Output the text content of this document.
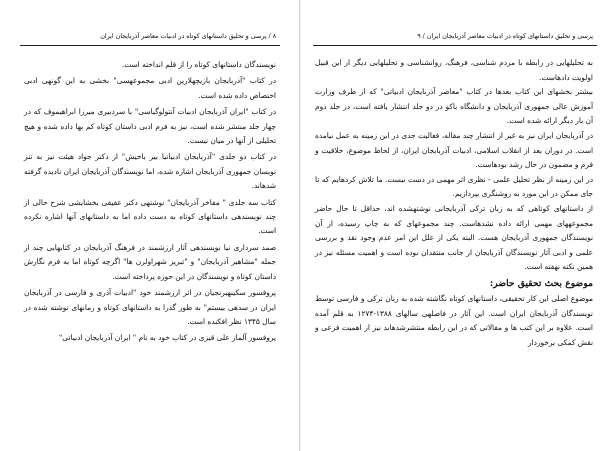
۸ / پرسی و تحلیق داستانهای کوتاه در ادبیات معاصر آذربایجان ایران

نویسندگان داستانهای کوتاه را از قلم انداخته است.

در کتاب "آذربایجان بازیچهلارین ادبی مجموعهسی" بخشی به این گونهی ادبی اختصاص داده شده است.

در کتاب "ایران آذربایجان ادبیات آنتولوگیاسی" با سردبیری میرزا ابراهیموف که در چهار جلد منتشر شده است، نیز به فرم ادبی داستان کوتاه کم بها داده شده و هیچ تحلیلی از آنها در میان نیست.

در کتاب دو جلدی "آذربایجان ادبیاتیا بیر باخیش" از دکتر جواد هیئت نیز به تنز نویسان جمهوری آذربایجان اشاره شده، اما نویسندگان آذربایجان ایران نادیده گرفته شدهاند.

کتاب سه جلدی " مفاخر آذربایجان" نوشتهی دکتر عقیقی بخشایشی شرح حالی از چند نویسندهی داستانهای کوتاه به دست داده اما به داستانهای آنها اشاره نکرده است.

صمد سرداری نیا نویسندهی آثار ارزشمند در فرهنگ آذربایجان در کتابهایی چند از جمله "مشاهیر آذربایجان" و "تبریز شهراولرن ها" اگرچه کوتاه اما به فرم نگارش داستان کوتاه و نویسندگان در این حوزه پرداخته است.

پروفسور سکینهبرنجیان در اثر ارزشمند خود "ادبیات آذری و فارسی در آذربایجان ایران در سدهی بیستم" به طور گذرا به داستانهای کوتاه و رمانهای نوشته شده در سال ۱۳۴۵ نظر افکنده است.

پروفسور آلماز علی قیزی در کتاب خود به نام " ایران آذربایجان ادبیاتی"

پرسی و تحلیق داستانهای کوتاه در ادبیات معاصر آذربایجان ایران / ۹

به تحلیلهایی در رابطه با مردم شناسی، فرهنگ، روانشناسی و تحلیلهایی دیگر از این قبیل اولویت دادهاست.

بیشتر بخشهای این کتاب بعدها در کتاب "معاصر آذربایجان ادبیاتی" که از طرف وزارت آموزش عالی جمهوری آذربایجان و دانشگاه باکو در دو جلد انتشار یافته است، در جلد دوم آن بار دیگر ارائه شده است.

در آذربایجان ایران نیز به غیر از انتشار چند مقاله، فعالیت جدی در این زمینه به عمل نیامده است. در دوران بعد از انقلاب اسلامی، ادبیات آذربایجان ایران، از لحاظ موضوع، خلاقیت و فرم و مضمون در حال رشد بودهاست.

در این زمینه از نظر تحلیل علمی - نظری اثر مهمی در دست نیست. ما تلاش کردهایم که تا جای ممکن در این مورد به روشنگری بپردازیم.

از داستانهای کوتاهی که به زبان ترکی آذربایجانی نوشتهشده اند، حداقل تا حال حاضر مجموعههای مهمی ارائه داده نشدهاست. چند مجموعهای که به چاپ رسیده، از آن نویسندگان جمهوری آذربایجان هست. البته یکی از علل این امر عدم وجود نقد و بررسی علمی و ادبی آثار نویسندگان آذربایجان از جانب منتقدان بوده است و اهمیت مسئله نیز در همین نکته نهفته است.

موضوع بحث تحقیق حاضر:

موضوع اصلی این کار تحقیقی، داستانهای کوتاه نگاشته شده به زبان ترکی و فارسی توسط نویسندگان آذربایجان ایران است. این آثار در فاصلهی سالهای ۱۳۸۸-۱۲۷۴ به قلم آمده است. علاوه بر این کتب ها و مقالاتی که در این رابطه منتشرشدهاند نیز از اهمیت فرعی و نقش کمکی برخوردار
